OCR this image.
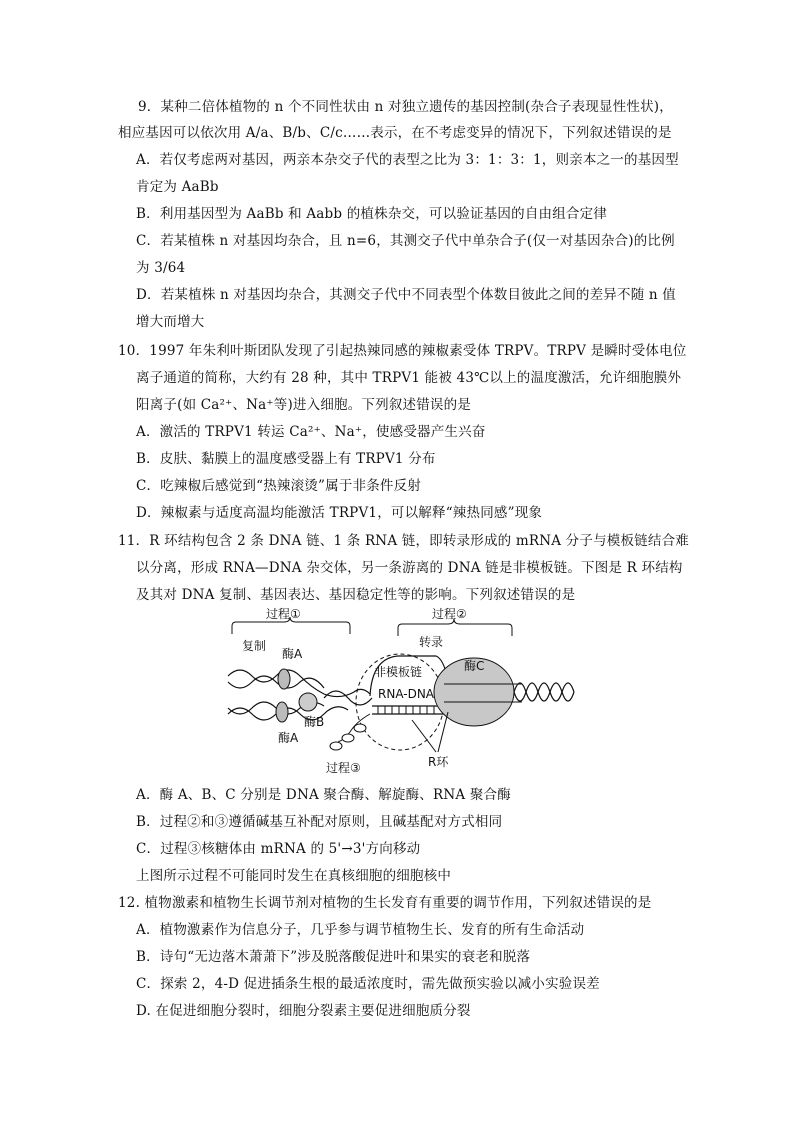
9．某种二倍体植物的 n 个不同性状由 n 对独立遗传的基因控制(杂合子表现显性性状)，
相应基因可以依次用 A/a、B/b、C/c……表示，在不考虑变异的情况下，下列叙述错误的是
A．若仅考虑两对基因，两亲本杂交子代的表型之比为 3：1：3：1，则亲本之一的基因型
肯定为 AaBb
B．利用基因型为 AaBb 和 Aabb 的植株杂交，可以验证基因的自由组合定律
C．若某植株 n 对基因均杂合，且 n=6，其测交子代中单杂合子(仅一对基因杂合)的比例
为 3/64
D．若某植株 n 对基因均杂合，其测交子代中不同表型个体数目彼此之间的差异不随 n 值
增大而增大
10．1997 年朱利叶斯团队发现了引起热辣同感的辣椒素受体 TRPV。TRPV 是瞬时受体电位
离子通道的简称，大约有 28 种，其中 TRPV1 能被 43℃以上的温度激活，允许细胞膜外
阳离子(如 Ca²⁺、Na⁺等)进入细胞。下列叙述错误的是
A．激活的 TRPV1 转运 Ca²⁺、Na⁺，使感受器产生兴奋
B．皮肤、黏膜上的温度感受器上有 TRPV1 分布
C．吃辣椒后感觉到“热辣滚烫”属于非条件反射
D．辣椒素与适度高温均能激活 TRPV1，可以解释“辣热同感”现象
11．R 环结构包含 2 条 DNA 链、1 条 RNA 链，即转录形成的 mRNA 分子与模板链结合难
以分离，形成 RNA—DNA 杂交体，另一条游离的 DNA 链是非模板链。下图是 R 环结构
及其对 DNA 复制、基因表达、基因稳定性等的影响。下列叙述错误的是
过程①
复制
过程②
转录
酶A
酶A
酶B
非模板链
RNA-DNA
酶C
过程③	R环
A．酶 A、B、C 分别是 DNA 聚合酶、解旋酶、RNA 聚合酶
B．过程②和③遵循碱基互补配对原则，且碱基配对方式相同
C．过程③核糖体由 mRNA 的 5'→3'方向移动
上图所示过程不可能同时发生在真核细胞的细胞核中
12. 植物激素和植物生长调节剂对植物的生长发育有重要的调节作用，下列叙述错误的是
A．植物激素作为信息分子，几乎参与调节植物生长、发育的所有生命活动
B．诗句“无边落木萧萧下”涉及脱落酸促进叶和果实的衰老和脱落
C．探索 2，4-D 促进插条生根的最适浓度时，需先做预实验以减小实验误差
D. 在促进细胞分裂时，细胞分裂素主要促进细胞质分裂
